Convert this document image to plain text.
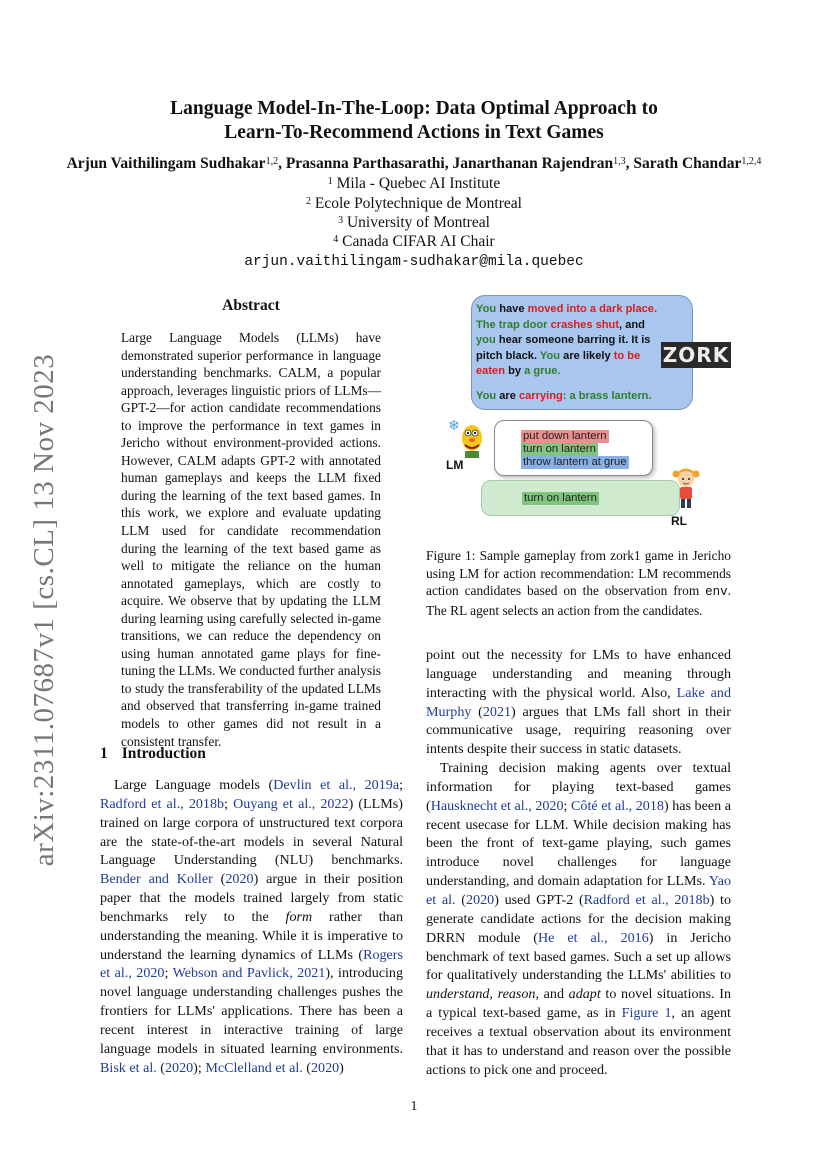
Language Model-In-The-Loop: Data Optimal Approach to
Learn-To-Recommend Actions in Text Games
Arjun Vaithilingam Sudhakar$^{1,2}$, Prasanna Parthasarathi, Janarthanan Rajendran$^{1,3}$, Sarath Chandar$^{1,2,4}$
$^1$ Mila - Quebec AI Institute
$^2$ Ecole Polytechnique de Montreal
$^3$ University of Montreal
$^4$ Canada CIFAR AI Chair
arjun.vaithilingam-sudhakar@mila.quebec
arXiv:2311.07687v1 [cs.CL] 13 Nov 2023
Abstract

Large Language Models (LLMs) have demonstrated superior performance in language understanding benchmarks. CALM, a popular approach, leverages linguistic priors of LLMs—GPT-2—for action candidate recommendations to improve the performance in text games in Jericho without environment-provided actions. However, CALM adapts GPT-2 with annotated human gameplays and keeps the LLM fixed during the learning of the text based games. In this work, we explore and evaluate updating LLM used for candidate recommendation during the learning of the text based game as well to mitigate the reliance on the human annotated gameplays, which are costly to acquire. We observe that by updating the LLM during learning using carefully selected in-game transitions, we can reduce the dependency on using human annotated game plays for fine-tuning the LLMs. We conducted further analysis to study the transferability of the updated LLMs and observed that transferring in-game trained models to other games did not result in a consistent transfer.

1 Introduction

Large Language models (Devlin et al., 2019a; Radford et al., 2018b; Ouyang et al., 2022) (LLMs) trained on large corpora of unstructured text corpora are the state-of-the-art models in several Natural Language Understanding (NLU) benchmarks. Bender and Koller (2020) argue in their position paper that the models trained largely from static benchmarks rely to the form rather than understanding the meaning. While it is imperative to understand the learning dynamics of LLMs (Rogers et al., 2020; Webson and Pavlick, 2021), introducing novel language understanding challenges pushes the frontiers for LLMs' applications. There has been a recent interest in interactive training of large language models in situated learning environments. Bisk et al. (2020); McClelland et al. (2020)

You have moved into a dark place.
The trap door crashes shut, and
you hear someone barring it. It is
pitch black. You are likely to be
eaten by a grue.
You are carrying: a brass lantern.
ZORK
❄
LM
put down lantern
turn on lantern
throw lantern at grue
turn on lantern
RL
Figure 1: Sample gameplay from zork1 game in Jericho using LM for action recommendation: LM recommends action candidates based on the observation from env. The RL agent selects an action from the candidates.

point out the necessity for LMs to have enhanced language understanding and meaning through interacting with the physical world. Also, Lake and Murphy (2021) argues that LMs fall short in their communicative usage, requiring reasoning over intents despite their success in static datasets.

Training decision making agents over textual information for playing text-based games (Hausknecht et al., 2020; Côté et al., 2018) has been a recent usecase for LLM. While decision making has been the front of text-game playing, such games introduce novel challenges for language understanding, and domain adaptation for LLMs. Yao et al. (2020) used GPT-2 (Radford et al., 2018b) to generate candidate actions for the decision making DRRN module (He et al., 2016) in Jericho benchmark of text based games. Such a set up allows for qualitatively understanding the LLMs' abilities to understand, reason, and adapt to novel situations. In a typical text-based game, as in Figure 1, an agent receives a textual observation about its environment that it has to understand and reason over the possible actions to pick one and proceed.

1
